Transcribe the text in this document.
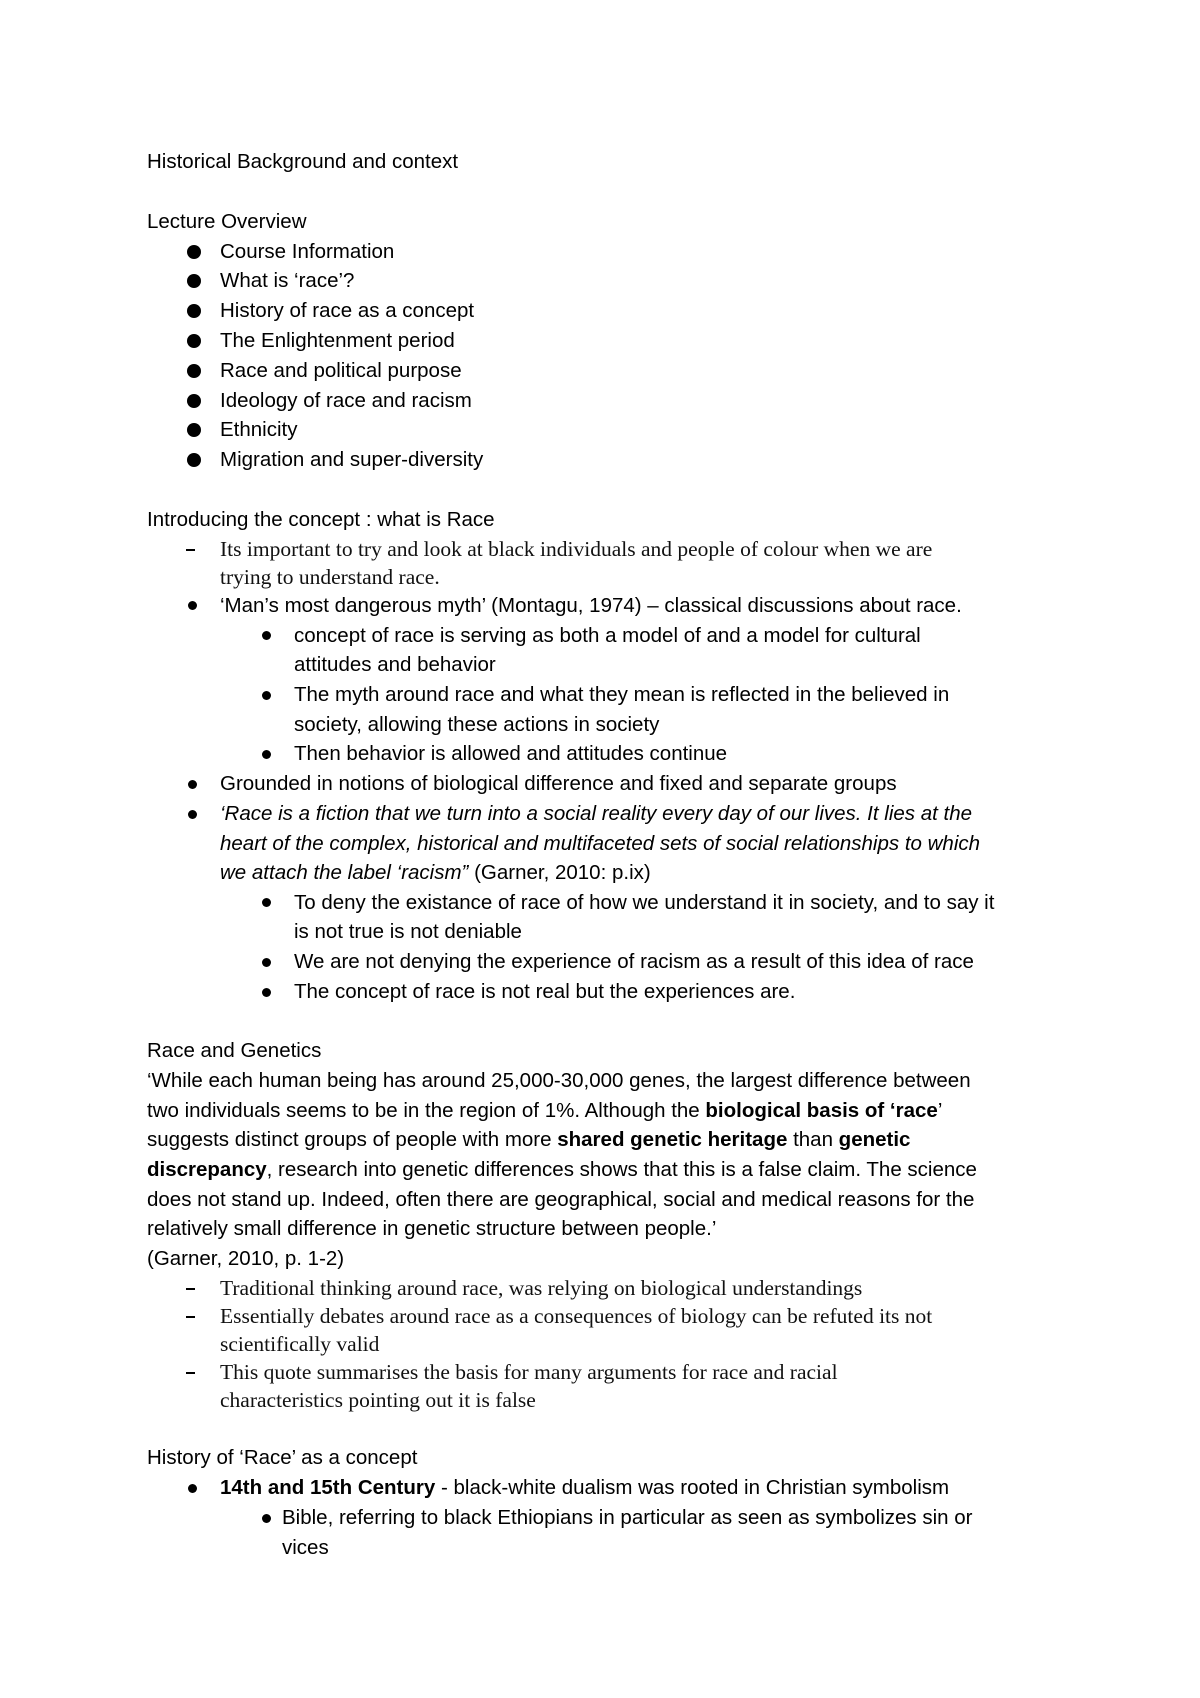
Historical Background and context
Lecture Overview
Course Information
What is ‘race’?
History of race as a concept
The Enlightenment period
Race and political purpose
Ideology of race and racism
Ethnicity
Migration and super-diversity
Introducing the concept : what is Race
Its important to try and look at black individuals and people of colour when we are
trying to understand race.
‘Man’s most dangerous myth’ (Montagu, 1974) – classical discussions about race.
concept of race is serving as both a model of and a model for cultural
attitudes and behavior
The myth around race and what they mean is reflected in the believed in
society, allowing these actions in society
Then behavior is allowed and attitudes continue
Grounded in notions of biological difference and fixed and separate groups
‘Race is a fiction that we turn into a social reality every day of our lives. It lies at the
heart of the complex, historical and multifaceted sets of social relationships to which
we attach the label ‘racism” (Garner, 2010: p.ix)
To deny the existance of race of how we understand it in society, and to say it
is not true is not deniable
We are not denying the experience of racism as a result of this idea of race
The concept of race is not real but the experiences are.
Race and Genetics
‘While each human being has around 25,000-30,000 genes, the largest difference between
two individuals seems to be in the region of 1%. Although the biological basis of ‘race’
suggests distinct groups of people with more shared genetic heritage than genetic
discrepancy, research into genetic differences shows that this is a false claim. The science
does not stand up. Indeed, often there are geographical, social and medical reasons for the
relatively small difference in genetic structure between people.’
(Garner, 2010, p. 1-2)
Traditional thinking around race, was relying on biological understandings
Essentially debates around race as a consequences of biology can be refuted its not
scientifically valid
This quote summarises the basis for many arguments for race and racial
characteristics pointing out it is false
History of ‘Race’ as a concept
14th and 15th Century - black-white dualism was rooted in Christian symbolism
Bible, referring to black Ethiopians in particular as seen as symbolizes sin or
vices
